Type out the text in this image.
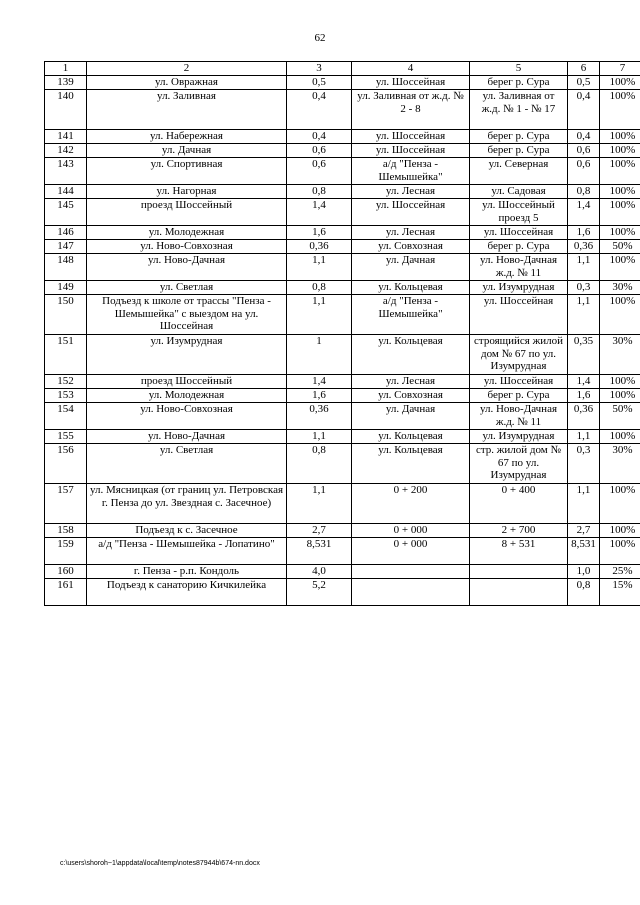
62
1	2	3	4	5	6	7
139	ул. Овражная	0,5	ул. Шоссейная	берег р. Сура	0,5	100%
140	ул. Заливная	0,4	ул. Заливная от ж.д. № 2 - 8	ул. Заливная от ж.д. № 1 - № 17	0,4	100%
141	ул. Набережная	0,4	ул. Шоссейная	берег р. Сура	0,4	100%
142	ул. Дачная	0,6	ул. Шоссейная	берег р. Сура	0,6	100%
143	ул. Спортивная	0,6	а/д "Пенза - Шемышейка"	ул. Северная	0,6	100%
144	ул. Нагорная	0,8	ул. Лесная	ул. Садовая	0,8	100%
145	проезд Шоссейный	1,4	ул. Шоссейная	ул. Шоссейный проезд 5	1,4	100%
146	ул. Молодежная	1,6	ул. Лесная	ул. Шоссейная	1,6	100%
147	ул. Ново-Совхозная	0,36	ул. Совхозная	берег р. Сура	0,36	50%
148	ул. Ново-Дачная	1,1	ул. Дачная	ул. Ново-Дачная ж.д. № 11	1,1	100%
149	ул. Светлая	0,8	ул. Кольцевая	ул. Изумрудная	0,3	30%
150	Подъезд к школе от трассы "Пенза - Шемышейка" с выездом на ул. Шоссейная	1,1	а/д "Пенза - Шемышейка"	ул. Шоссейная	1,1	100%
151	ул. Изумрудная	1	ул. Кольцевая	строящийся жилой дом № 67 по ул. Изумрудная	0,35	30%
152	проезд Шоссейный	1,4	ул. Лесная	ул. Шоссейная	1,4	100%
153	ул. Молодежная	1,6	ул. Совхозная	берег р. Сура	1,6	100%
154	ул. Ново-Совхозная	0,36	ул. Дачная	ул. Ново-Дачная ж.д. № 11	0,36	50%
155	ул. Ново-Дачная	1,1	ул. Кольцевая	ул. Изумрудная	1,1	100%
156	ул. Светлая	0,8	ул. Кольцевая	стр. жилой дом № 67 по ул. Изумрудная	0,3	30%
157	ул. Мясницкая (от границ ул. Петровская г. Пенза до ул. Звездная с. Засечное)	1,1	0 + 200	0 + 400	1,1	100%
158	Подъезд к с. Засечное	2,7	0 + 000	2 + 700	2,7	100%
159	а/д "Пенза - Шемышейка - Лопатино"	8,531	0 + 000	8 + 531	8,531	100%
160	г. Пенза - р.п. Кондоль	4,0			1,0	25%
161	Подъезд к санаторию Кичкилейка	5,2			0,8	15%
c:\users\shoroh~1\appdata\local\temp\notes87944b\674-nn.docx
